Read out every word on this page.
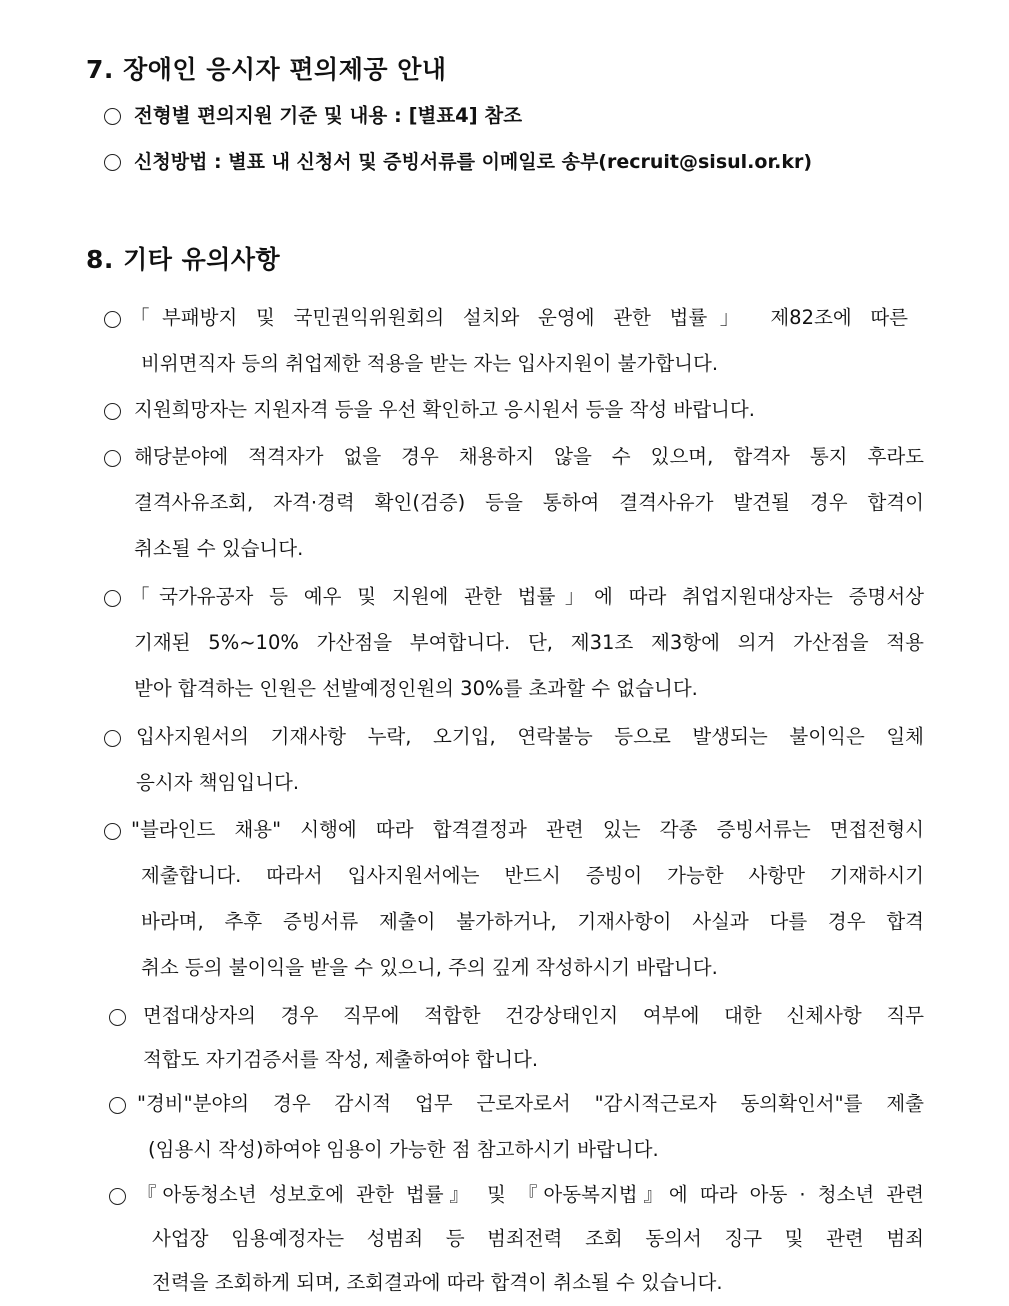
7. 장애인 응시자 편의제공 안내
전형별 편의지원 기준 및 내용 : [별표4] 참조
신청방법 : 별표 내 신청서 및 증빙서류를 이메일로 송부(recruit@sisul.or.kr)
8. 기타 유의사항
「부패방지 및 국민권익위원회의 설치와 운영에 관한 법률」 제82조에 따른
비위면직자 등의 취업제한 적용을 받는 자는 입사지원이 불가합니다.
지원희망자는 지원자격 등을 우선 확인하고 응시원서 등을 작성 바랍니다.
해당분야에 적격자가 없을 경우 채용하지 않을 수 있으며, 합격자 통지 후라도
결격사유조회, 자격·경력 확인(검증) 등을 통하여 결격사유가 발견될 경우 합격이
취소될 수 있습니다.
「국가유공자 등 예우 및 지원에 관한 법률」에 따라 취업지원대상자는 증명서상
기재된 5%~10% 가산점을 부여합니다. 단, 제31조 제3항에 의거 가산점을 적용
받아 합격하는 인원은 선발예정인원의 30%를 초과할 수 없습니다.
입사지원서의 기재사항 누락, 오기입, 연락불능 등으로 발생되는 불이익은 일체
응시자 책임입니다.
"블라인드 채용" 시행에 따라 합격결정과 관련 있는 각종 증빙서류는 면접전형시
제출합니다. 따라서 입사지원서에는 반드시 증빙이 가능한 사항만 기재하시기
바라며, 추후 증빙서류 제출이 불가하거나, 기재사항이 사실과 다를 경우 합격
취소 등의 불이익을 받을 수 있으니, 주의 깊게 작성하시기 바랍니다.
면접대상자의 경우 직무에 적합한 건강상태인지 여부에 대한 신체사항 직무
적합도 자기검증서를 작성, 제출하여야 합니다.
"경비"분야의 경우 감시적 업무 근로자로서 "감시적근로자 동의확인서"를 제출
(임용시 작성)하여야 임용이 가능한 점 참고하시기 바랍니다.
『아동청소년 성보호에 관한 법률』 및 『아동복지법』에 따라 아동 · 청소년 관련
사업장 임용예정자는 성범죄 등 범죄전력 조회 동의서 징구 및 관련 범죄
전력을 조회하게 되며, 조회결과에 따라 합격이 취소될 수 있습니다.
